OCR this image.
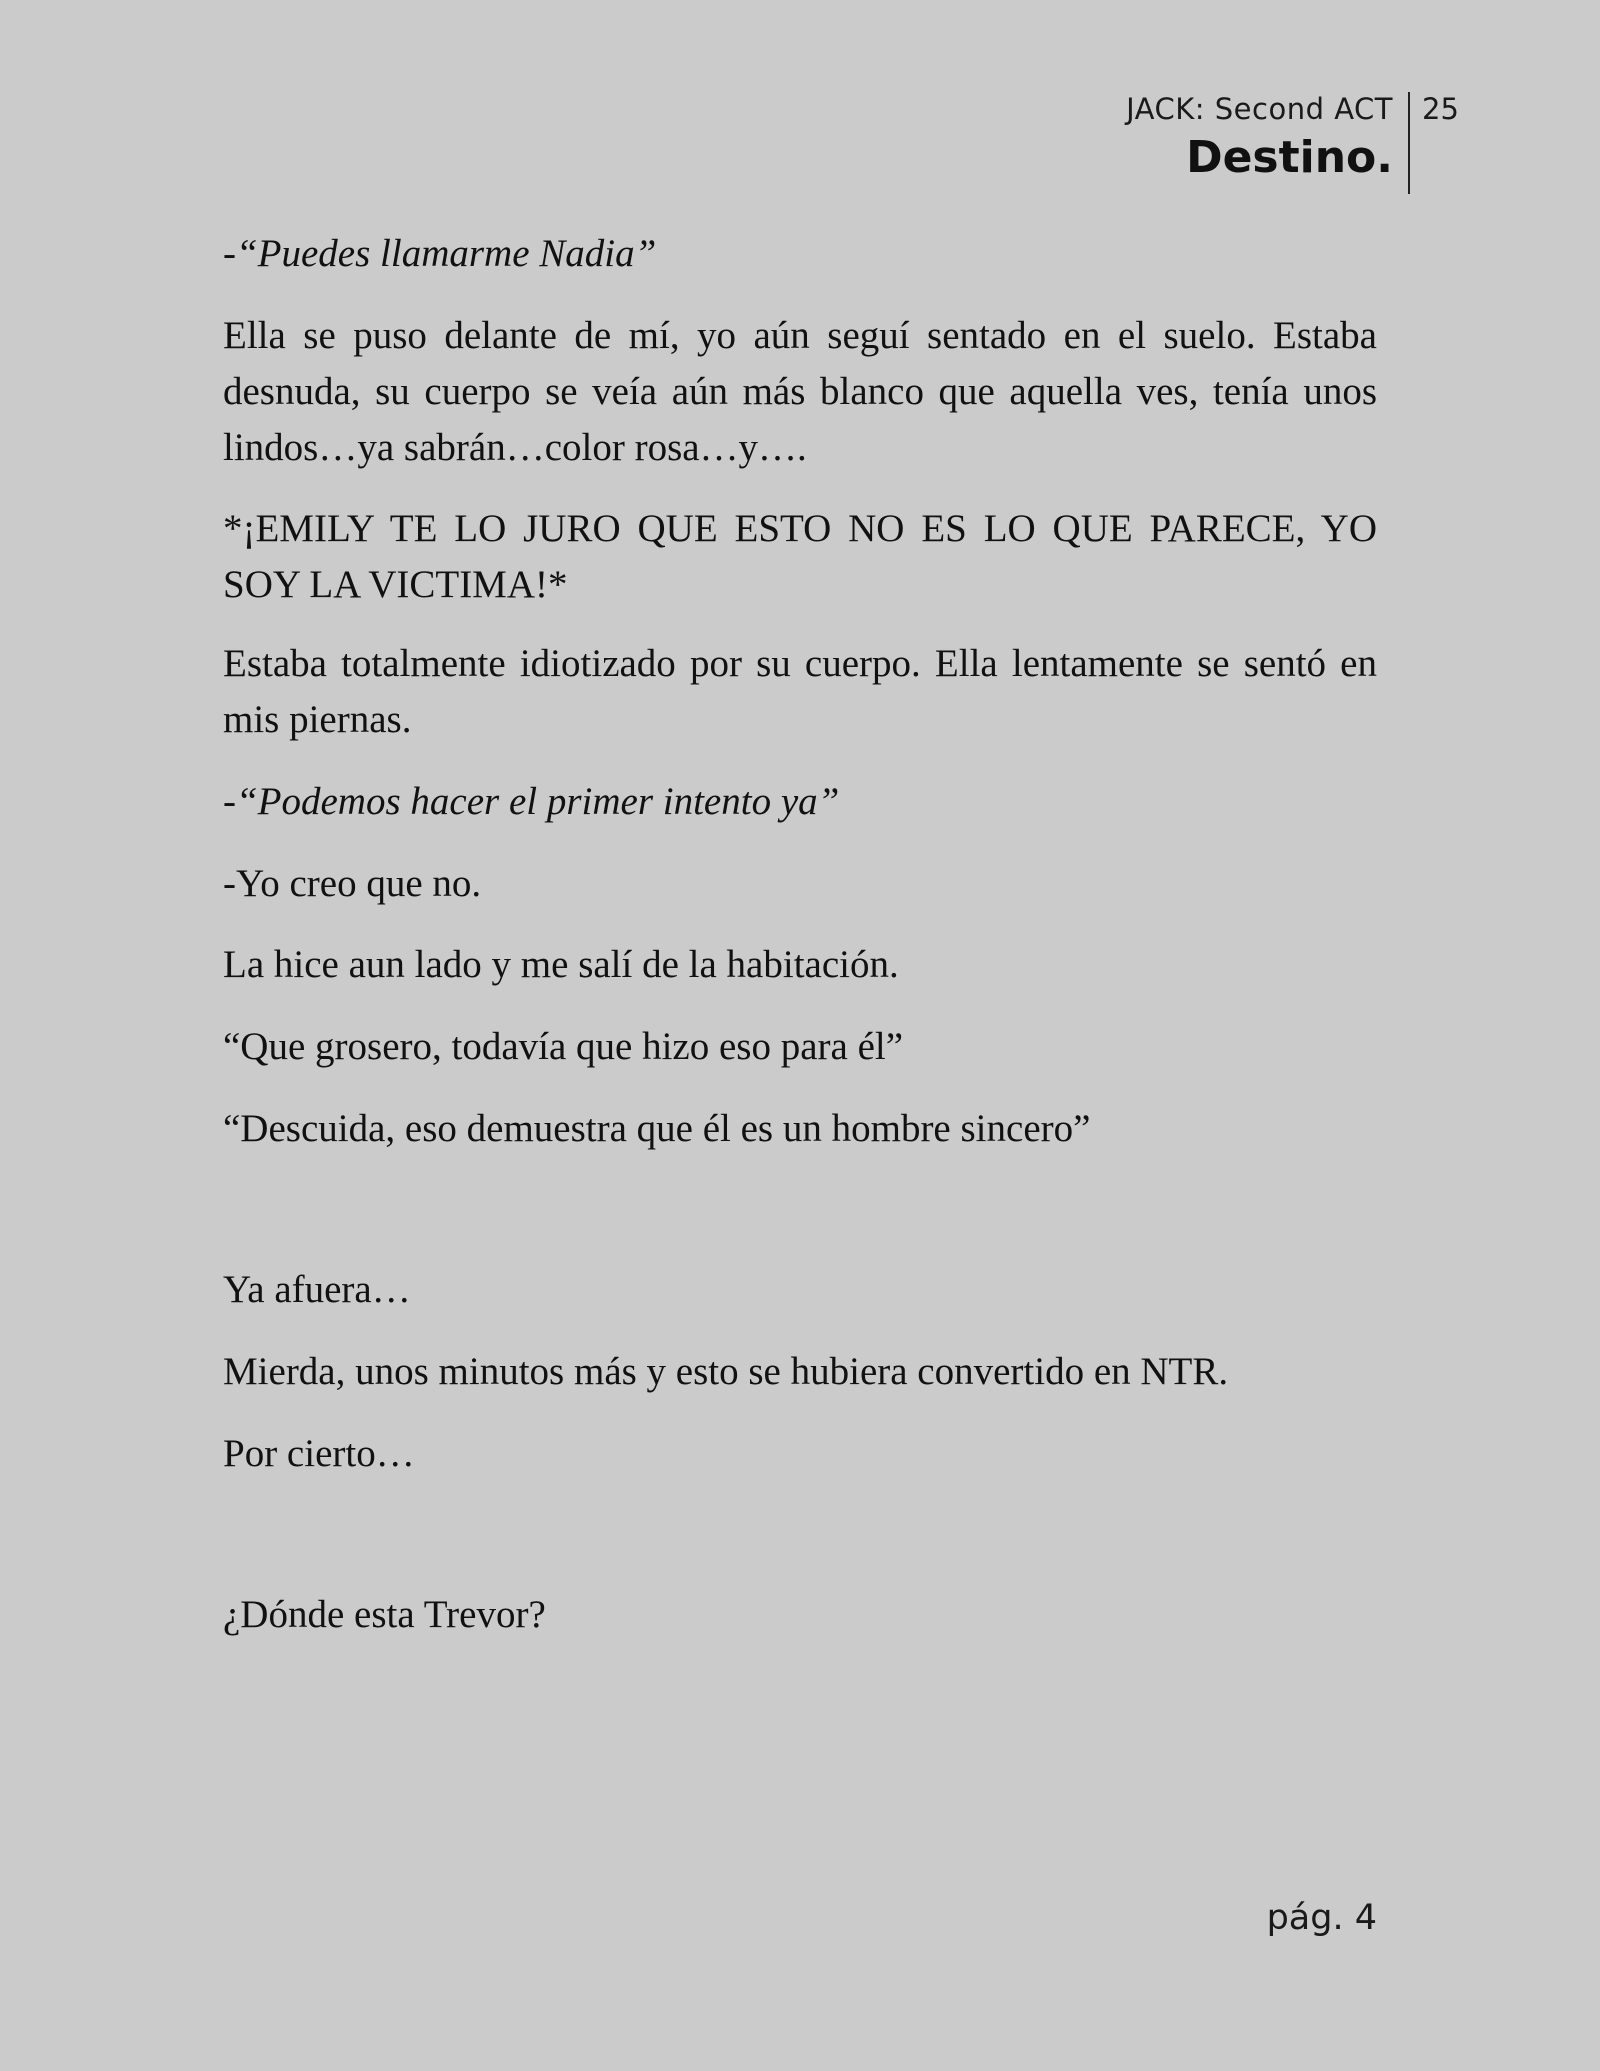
JACK: Second ACT
Destino.
25

-“Puedes llamarme Nadia”

Ella se puso delante de mí, yo aún seguí sentado en el suelo. Estaba desnuda, su cuerpo se veía aún más blanco que aquella ves, tenía unos lindos…ya sabrán…color rosa…y….

*¡EMILY TE LO JURO QUE ESTO NO ES LO QUE PARECE, YO SOY LA VICTIMA!*

Estaba totalmente idiotizado por su cuerpo. Ella lentamente se sentó en mis piernas.

-“Podemos hacer el primer intento ya”

-Yo creo que no.

La hice aun lado y me salí de la habitación.

“Que grosero, todavía que hizo eso para él”

“Descuida, eso demuestra que él es un hombre sincero”

Ya afuera…

Mierda, unos minutos más y esto se hubiera convertido en NTR.

Por cierto…

¿Dónde esta Trevor?

pág. 4
